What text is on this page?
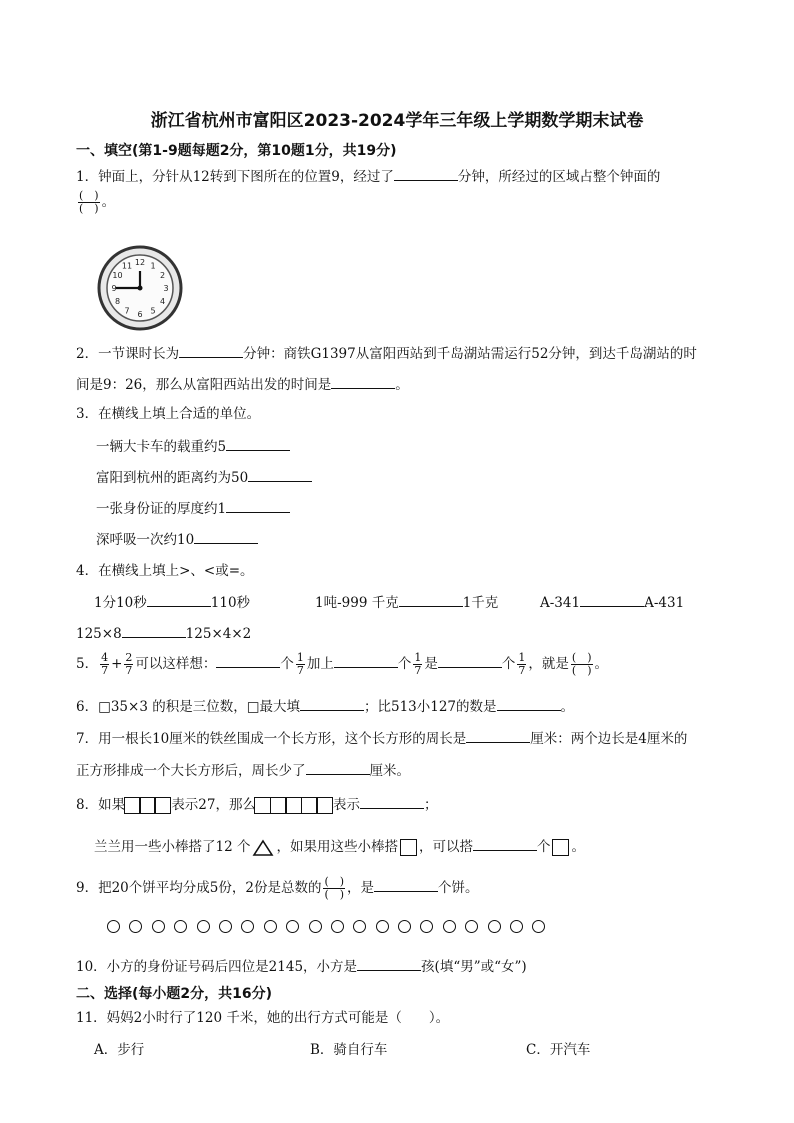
浙江省杭州市富阳区2023-2024学年三年级上学期数学期末试卷
一、填空(第1-9题每题2分，第10题1分，共19分)
1．钟面上，分针从12转到下图所在的位置9，经过了	分钟，所经过的区域占整个钟面的
$\frac{( )}{( )}$ 。
12 1
2
3
4
5
6
7
8
9
10
11
2．一节课时长为	分钟：商铁G1397从富阳西站到千岛湖站需运行52分钟，到达千岛湖站的时
间是9：26，那么从富阳西站出发的时间是	。
3．在横线上填上合适的单位。
一辆大卡车的载重约5
富阳到杭州的距离约为50
一张身份证的厚度约1
深呼吸一次约10
4．在横线上填上>、<或=。
1分10秒	110秒	1吨-999 千克	1千克	A-341	A-431
125×8	125×4×2
5． $\frac{4}{7} + \frac{2}{7}$ 可以这样想：	个 $\frac{1}{7}$ 加上	个 $\frac{1}{7}$ 是	个 $\frac{1}{7}$ ，就是 $\frac{( )}{( )}$ 。
6．□35×3 的积是三位数，□最大填	；比513小127的数是	。
7．用一根长10厘米的铁丝围成一个长方形，这个长方形的周长是	厘米：两个边长是4厘米的
正方形排成一个大长方形后，周长少了	厘米。
8．如果	表示27，那么	表示	；
兰兰用一些小棒搭了12 个 ，如果用这些小棒搭 ，可以搭	个 。
9．把20个饼平均分成5份，2份是总数的 $\frac{( )}{( )}$ ，是	个饼。
10．小方的身份证号码后四位是2145，小方是	孩(填“男”或“女”)
二、选择(每小题2分，共16分)
11．妈妈2小时行了120 千米，她的出行方式可能是（　　）。
A．步行	B．骑自行车	C．开汽车
